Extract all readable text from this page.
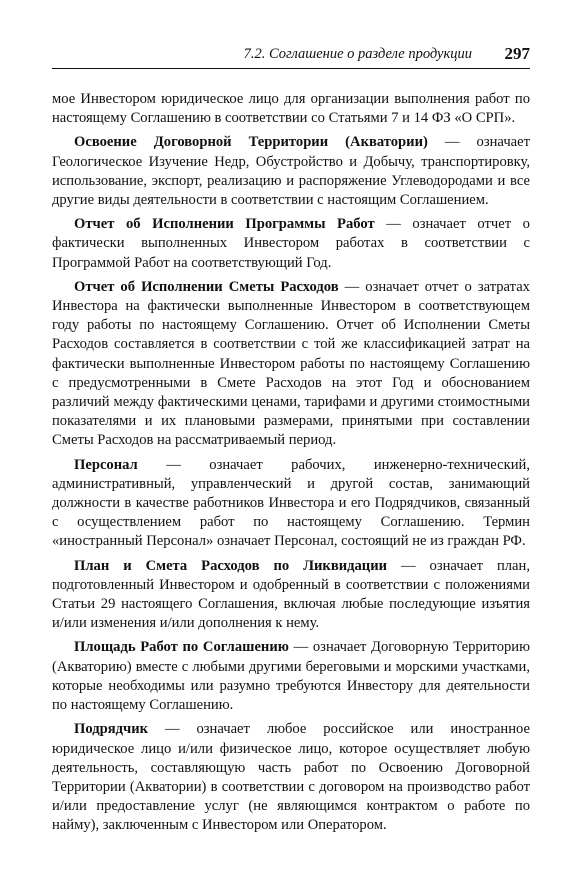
7.2. Соглашение о разделе продукции 297

мое Инвестором юридическое лицо для организации выполнения работ по настоящему Соглашению в соответствии со Статьями 7 и 14 ФЗ «О СРП».

Освоение Договорной Территории (Акватории) — означает Геологическое Изучение Недр, Обустройство и Добычу, транспортировку, использование, экспорт, реализацию и распоряжение Углеводородами и все другие виды деятельности в соответствии с настоящим Соглашением.

Отчет об Исполнении Программы Работ — означает отчет о фактически выполненных Инвестором работах в соответствии с Программой Работ на соответствующий Год.

Отчет об Исполнении Сметы Расходов — означает отчет о затратах Инвестора на фактически выполненные Инвестором в соответствующем году работы по настоящему Соглашению. Отчет об Исполнении Сметы Расходов составляется в соответствии с той же классификацией затрат на фактически выполненные Инвестором работы по настоящему Соглашению с предусмотренными в Смете Расходов на этот Год и обоснованием различий между фактическими ценами, тарифами и другими стоимостными показателями и их плановыми размерами, принятыми при составлении Сметы Расходов на рассматриваемый период.

Персонал — означает рабочих, инженерно-технический, административный, управленческий и другой состав, занимающий должности в качестве работников Инвестора и его Подрядчиков, связанный с осуществлением работ по настоящему Соглашению. Термин «иностранный Персонал» означает Персонал, состоящий не из граждан РФ.

План и Смета Расходов по Ликвидации — означает план, подготовленный Инвестором и одобренный в соответствии с положениями Статьи 29 настоящего Соглашения, включая любые последующие изъятия и/или изменения и/или дополнения к нему.

Площадь Работ по Соглашению — означает Договорную Территорию (Акваторию) вместе с любыми другими береговыми и морскими участками, которые необходимы или разумно требуются Инвестору для деятельности по настоящему Соглашению.

Подрядчик — означает любое российское или иностранное юридическое лицо и/или физическое лицо, которое осуществляет любую деятельность, составляющую часть работ по Освоению Договорной Территории (Акватории) в соответствии с договором на производство работ и/или предоставление услуг (не являющимся контрактом о работе по найму), заключенным с Инвестором или Оператором.
